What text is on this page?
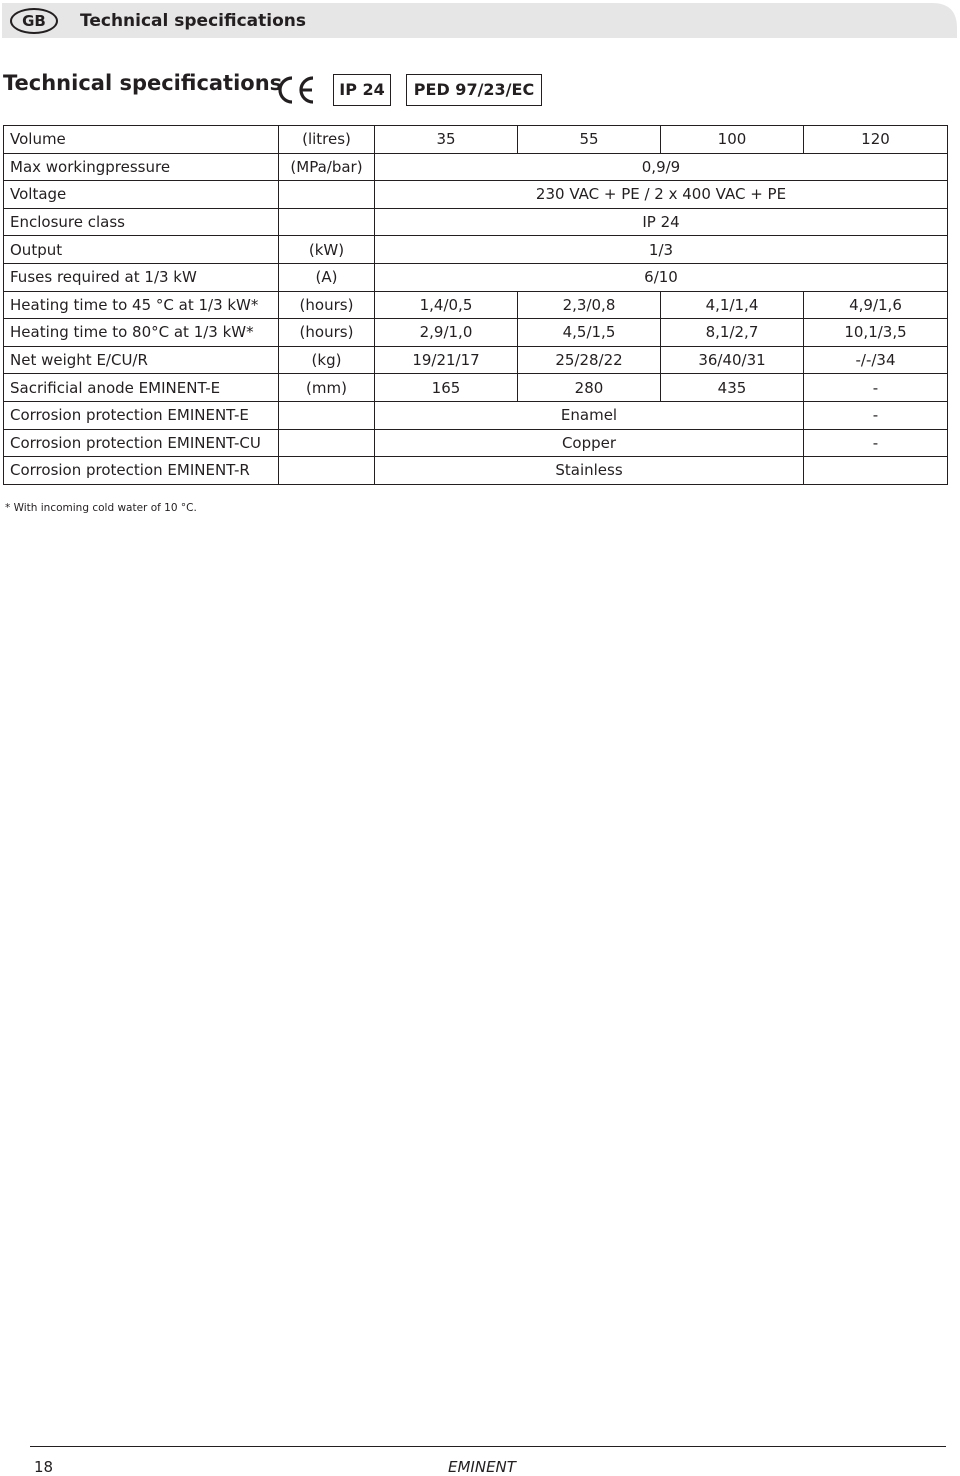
GB	Technical specifications
Technical specifications	IP 24	PED 97/23/EC
Volume	(litres)	35	55	100	120
Max workingpressure	(MPa/bar)	0,9/9			
Voltage		230 VAC + PE / 2 x 400 VAC + PE			
Enclosure class		IP 24			
Output	(kW)	1/3			
Fuses required at 1/3 kW	(A)	6/10			
Heating time to 45 °C at 1/3 kW*	(hours)	1,4/0,5	2,3/0,8	4,1/1,4	4,9/1,6
Heating time to 80°C at 1/3 kW*	(hours)	2,9/1,0	4,5/1,5	8,1/2,7	10,1/3,5
Net weight E/CU/R	(kg)	19/21/17	25/28/22	36/40/31	-/-/34
Sacrificial anode EMINENT-E	(mm)	165	280	435	-
Corrosion protection EMINENT-E		Enamel			-
Corrosion protection EMINENT-CU		Copper			-
Corrosion protection EMINENT-R		Stainless			
* With incoming cold water of 10 °C.
18	EMINENT
